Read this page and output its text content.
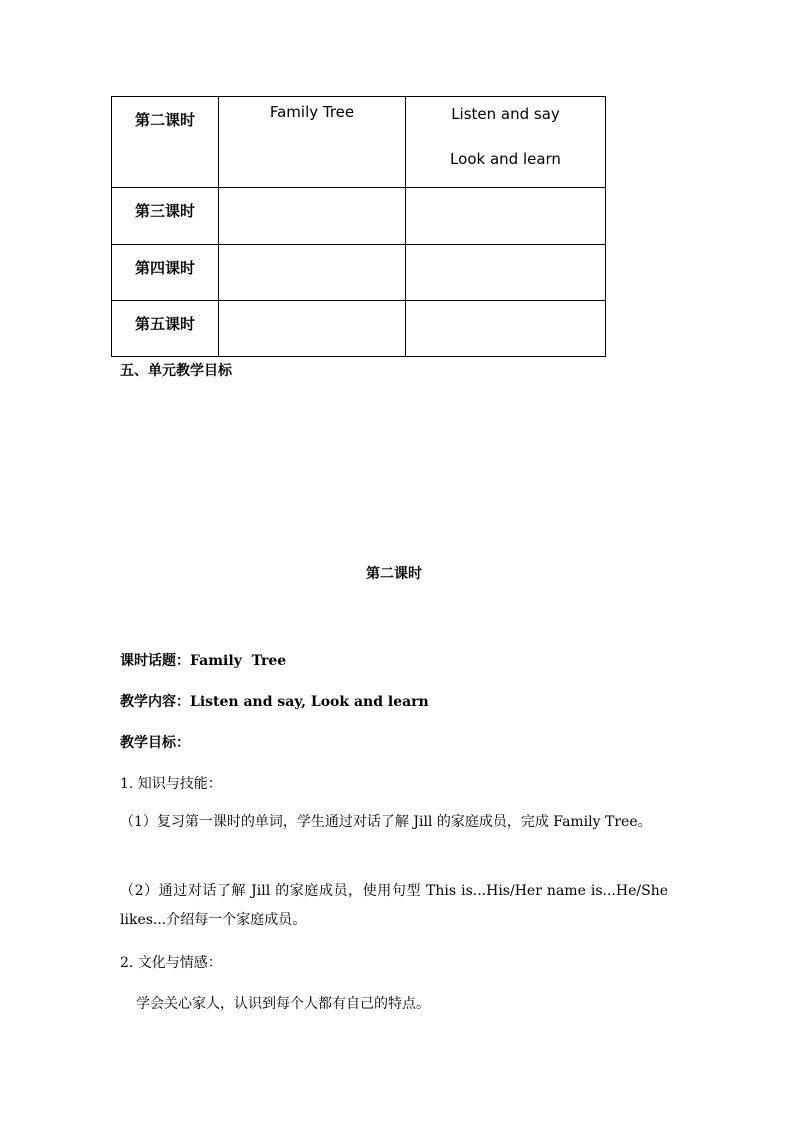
第二课时	Family Tree	Listen and say
Look and learn

第三课时		

第四课时		

第五课时		

五、单元教学目标
第二课时
课时话题：Family  Tree
教学内容：Listen and say, Look and learn
教学目标：
1. 知识与技能：
（1）复习第一课时的单词，学生通过对话了解 Jill 的家庭成员，完成 Family Tree。
（2）通过对话了解 Jill 的家庭成员，使用句型 This is...His/Her name is...He/She likes...介绍每一个家庭成员。
2. 文化与情感：
学会关心家人，认识到每个人都有自己的特点。
